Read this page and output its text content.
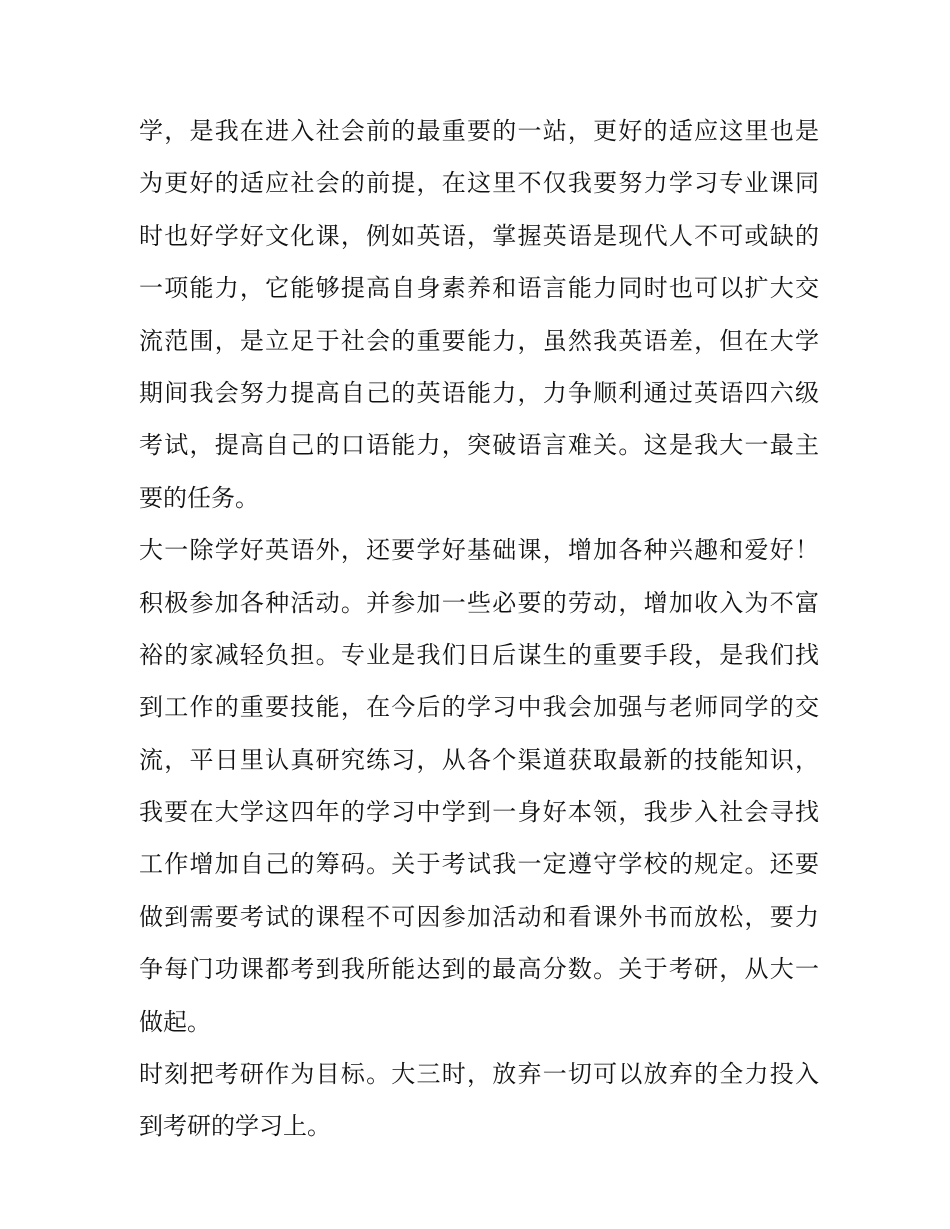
学，是我在进入社会前的最重要的一站，更好的适应这里也是
为更好的适应社会的前提，在这里不仅我要努力学习专业课同
时也好学好文化课，例如英语，掌握英语是现代人不可或缺的
一项能力，它能够提高自身素养和语言能力同时也可以扩大交
流范围，是立足于社会的重要能力，虽然我英语差，但在大学
期间我会努力提高自己的英语能力，力争顺利通过英语四六级
考试，提高自己的口语能力，突破语言难关。这是我大一最主
要的任务。
大一除学好英语外，还要学好基础课，增加各种兴趣和爱好！
积极参加各种活动。并参加一些必要的劳动，增加收入为不富
裕的家减轻负担。专业是我们日后谋生的重要手段，是我们找
到工作的重要技能，在今后的学习中我会加强与老师同学的交
流，平日里认真研究练习，从各个渠道获取最新的技能知识，
我要在大学这四年的学习中学到一身好本领，我步入社会寻找
工作增加自己的筹码。关于考试我一定遵守学校的规定。还要
做到需要考试的课程不可因参加活动和看课外书而放松，要力
争每门功课都考到我所能达到的最高分数。关于考研，从大一
做起。
时刻把考研作为目标。大三时，放弃一切可以放弃的全力投入
到考研的学习上。
